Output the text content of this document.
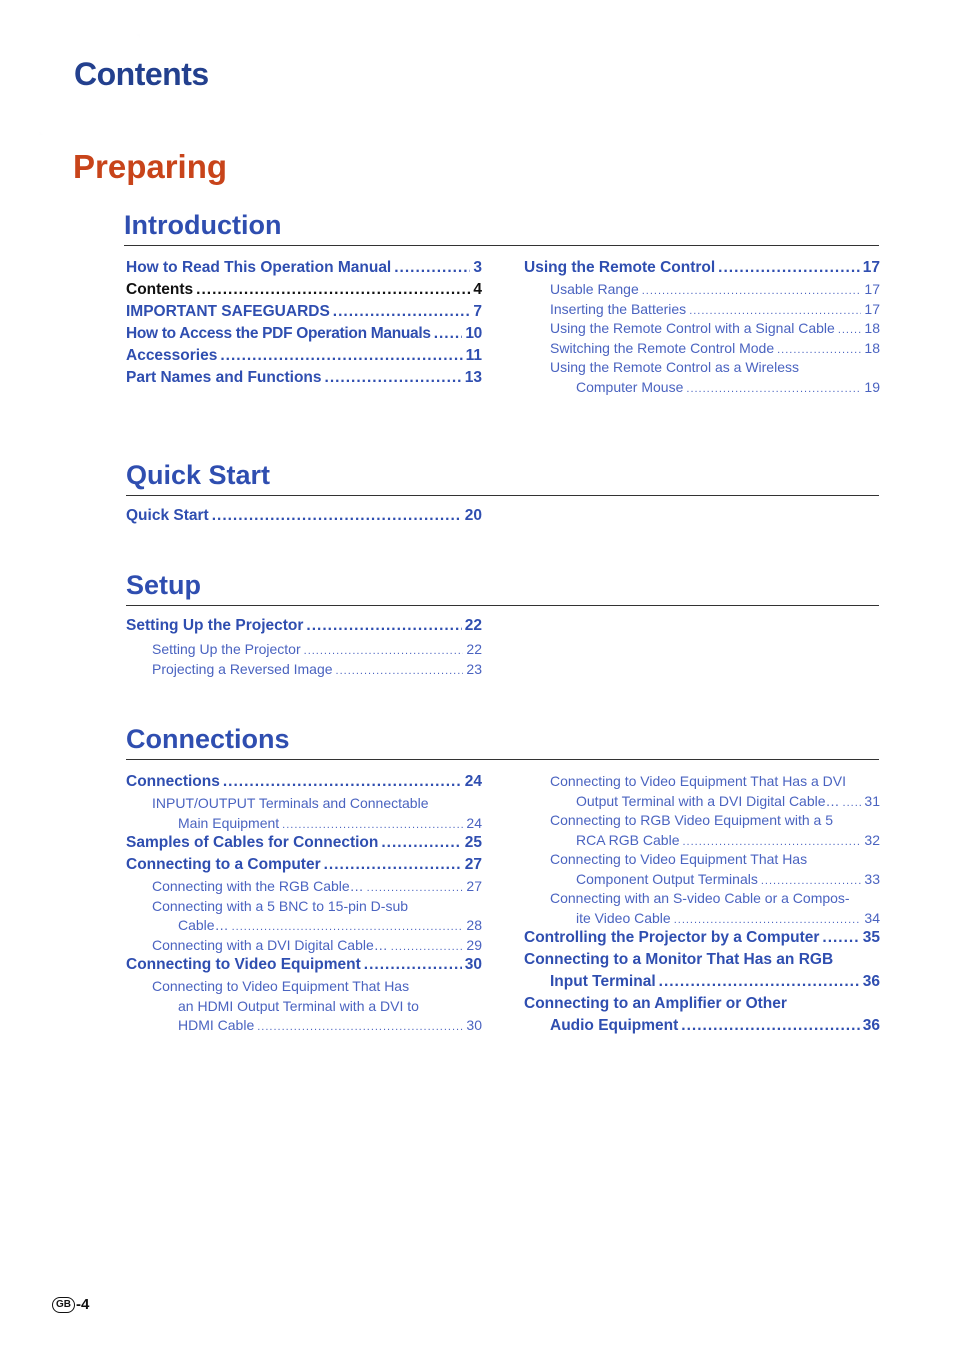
Contents
Preparing
Introduction
How to Read This Operation Manual .....	3
Contents .....	4
IMPORTANT SAFEGUARDS .....	7
How to Access the PDF Operation Manuals ..... 10
Accessories .....	11
Part Names and Functions .....	13
Using the Remote Control .....	17
Usable Range .....	17
Inserting the Batteries .....	17
Using the Remote Control with a Signal Cable ..... 18
Switching the Remote Control Mode .....	18
Using the Remote Control as a Wireless
Computer Mouse .....	19
Quick Start
Quick Start .....	20
Setup
Setting Up the Projector .....	22
Setting Up the Projector .....	22
Projecting a Reversed Image .....	23
Connections
Connections .....	24
INPUT/OUTPUT Terminals and Connectable
Main Equipment .....	24
Samples of Cables for Connection .....	25
Connecting to a Computer .....	27
Connecting with the RGB Cable… .....	27
Connecting with a 5 BNC to 15-pin D-sub
Cable… .....	28
Connecting with a DVI Digital Cable… .....	29
Connecting to Video Equipment .....	30
Connecting to Video Equipment That Has
an HDMI Output Terminal with a DVI to
HDMI Cable .....	30
Connecting to Video Equipment That Has a DVI
Output Terminal with a DVI Digital Cable… ..... 31
Connecting to RGB Video Equipment with a 5
RCA RGB Cable .....	32
Connecting to Video Equipment That Has
Component Output Terminals .....	33
Connecting with an S-video Cable or a Compos-
ite Video Cable .....	34
Controlling the Projector by a Computer .....	35
Connecting to a Monitor That Has an RGB
Input Terminal .....	36
Connecting to an Amplifier or Other
Audio Equipment .....	36
GB -4
